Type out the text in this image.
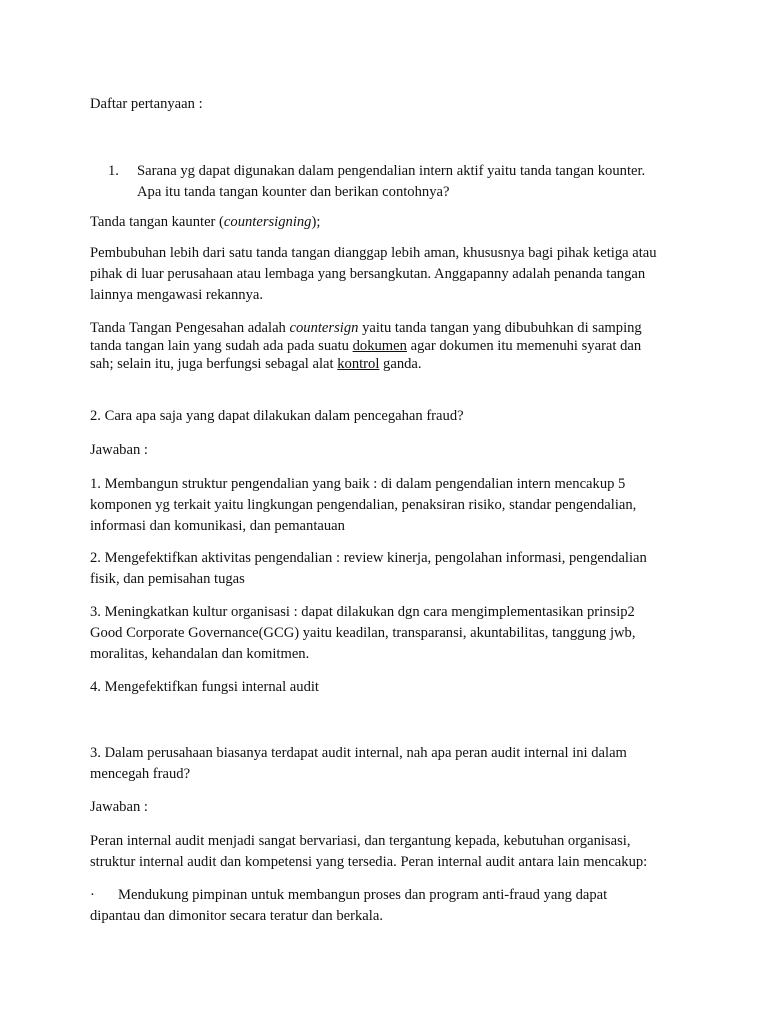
Daftar pertanyaan :

1.	Sarana yg dapat digunakan dalam pengendalian intern aktif yaitu tanda tangan kounter.
Apa itu tanda tangan kounter dan berikan contohnya?

Tanda tangan kaunter (countersigning);

Pembubuhan lebih dari satu tanda tangan dianggap lebih aman, khususnya bagi pihak ketiga atau

pihak di luar perusahaan atau lembaga yang bersangkutan. Anggapanny adalah penanda tangan

lainnya mengawasi rekannya.

Tanda Tangan Pengesahan adalah countersign yaitu tanda tangan yang dibubuhkan di samping

tanda tangan lain yang sudah ada pada suatu dokumen agar dokumen itu memenuhi syarat dan

sah; selain itu, juga berfungsi sebagal alat kontrol ganda.

2. Cara apa saja yang dapat dilakukan dalam pencegahan fraud?

Jawaban :

1. Membangun struktur pengendalian yang baik : di dalam pengendalian intern mencakup 5

komponen yg terkait yaitu lingkungan pengendalian, penaksiran risiko, standar pengendalian,

informasi dan komunikasi, dan pemantauan

2. Mengefektifkan aktivitas pengendalian : review kinerja, pengolahan informasi, pengendalian

fisik, dan pemisahan tugas

3. Meningkatkan kultur organisasi : dapat dilakukan dgn cara mengimplementasikan prinsip2

Good Corporate Governance(GCG) yaitu keadilan, transparansi, akuntabilitas, tanggung jwb,

moralitas, kehandalan dan komitmen.

4. Mengefektifkan fungsi internal audit

3. Dalam perusahaan biasanya terdapat audit internal, nah apa peran audit internal ini dalam

mencegah fraud?

Jawaban :

Peran internal audit menjadi sangat bervariasi, dan tergantung kepada, kebutuhan organisasi,

struktur internal audit dan kompetensi yang tersedia. Peran internal audit antara lain mencakup:

· Mendukung pimpinan untuk membangun proses dan program anti-fraud yang dapat

dipantau dan dimonitor secara teratur dan berkala.
